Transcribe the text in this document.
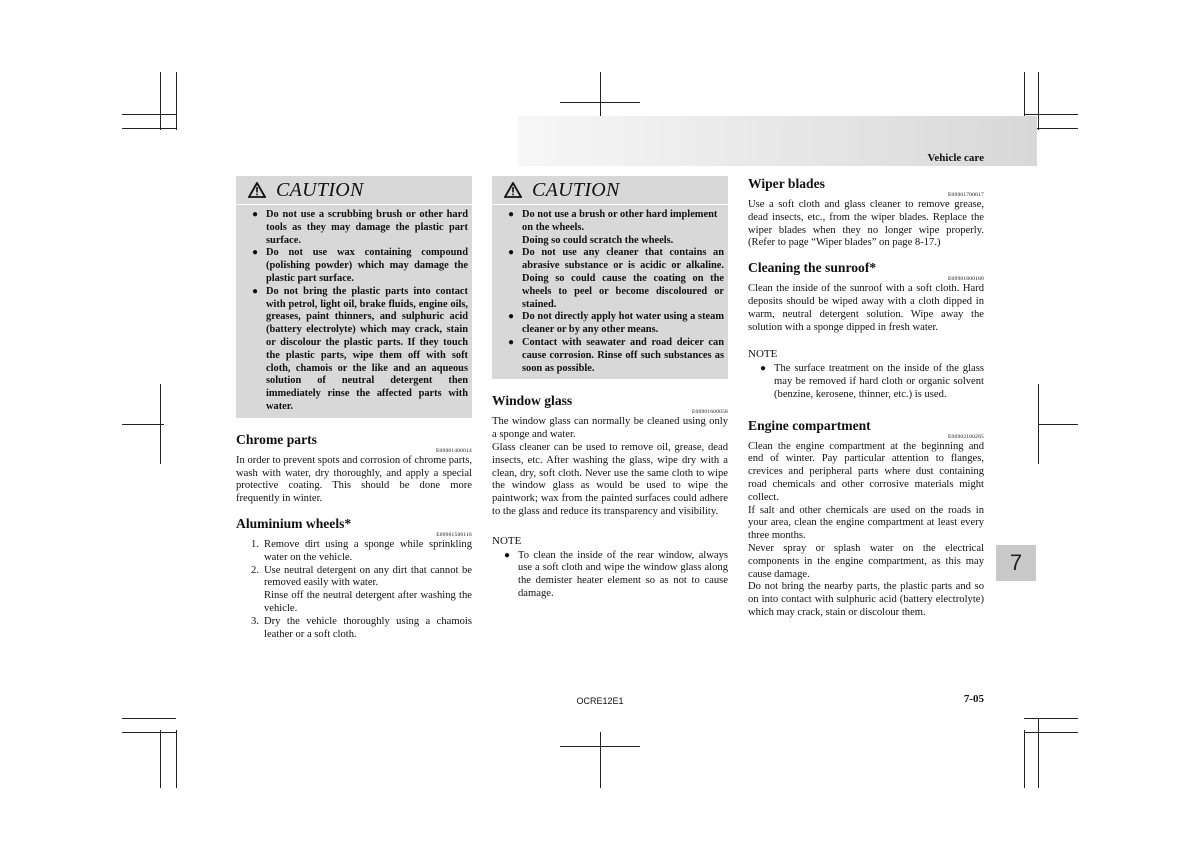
Vehicle care
CAUTION
● Do not use a scrubbing brush or other hard tools as they may damage the plastic part surface.
● Do not use wax containing compound (polishing powder) which may damage the plastic part surface.
● Do not bring the plastic parts into contact with petrol, light oil, brake fluids, engine oils, greases, paint thinners, and sulphuric acid (battery electrolyte) which may crack, stain or discolour the plastic parts. If they touch the plastic parts, wipe them off with soft cloth, chamois or the like and an aqueous solution of neutral detergent then immediately rinse the affected parts with water.
Chrome parts
E00901400014

In order to prevent spots and corrosion of chrome parts, wash with water, dry thoroughly, and apply a special protective coating. This should be done more frequently in winter.

Aluminium wheels*
E00901500116
1. Remove dirt using a sponge while sprinkling water on the vehicle.
2. Use neutral detergent on any dirt that cannot be removed easily with water.
Rinse off the neutral detergent after washing the vehicle.
3. Dry the vehicle thoroughly using a chamois leather or a soft cloth.
CAUTION
● Do not use a brush or other hard implement on the wheels.
Doing so could scratch the wheels.
● Do not use any cleaner that contains an abrasive substance or is acidic or alkaline. Doing so could cause the coating on the wheels to peel or become discoloured or stained.
● Do not directly apply hot water using a steam cleaner or by any other means.
● Contact with seawater and road deicer can cause corrosion. Rinse off such substances as soon as possible.
Window glass
E00901600058

The window glass can normally be cleaned using only a sponge and water.

Glass cleaner can be used to remove oil, grease, dead insects, etc. After washing the glass, wipe dry with a clean, dry, soft cloth. Never use the same cloth to wipe the window glass as would be used to wipe the paintwork; wax from the painted surfaces could adhere to the glass and reduce its transparency and visibility.

NOTE
● To clean the inside of the rear window, always use a soft cloth and wipe the window glass along the demister heater element so as not to cause damage.
Wiper blades
E00901700017

Use a soft cloth and glass cleaner to remove grease, dead insects, etc., from the wiper blades. Replace the wiper blades when they no longer wipe properly. (Refer to page “Wiper blades” on page 8-17.)

Cleaning the sunroof*
E00901800180

Clean the inside of the sunroof with a soft cloth. Hard deposits should be wiped away with a cloth dipped in warm, neutral detergent solution. Wipe away the solution with a sponge dipped in fresh water.

NOTE
● The surface treatment on the inside of the glass may be removed if hard cloth or organic solvent (benzine, kerosene, thinner, etc.) is used.
Engine compartment
E00902100265

Clean the engine compartment at the beginning and end of winter. Pay particular attention to flanges, crevices and peripheral parts where dust containing road chemicals and other corrosive materials might collect.

If salt and other chemicals are used on the roads in your area, clean the engine compartment at least every three months.

Never spray or splash water on the electrical components in the engine compartment, as this may cause damage.

Do not bring the nearby parts, the plastic parts and so on into contact with sulphuric acid (battery electrolyte) which may crack, stain or discolour them.

7
OCRE12E1	7-05
